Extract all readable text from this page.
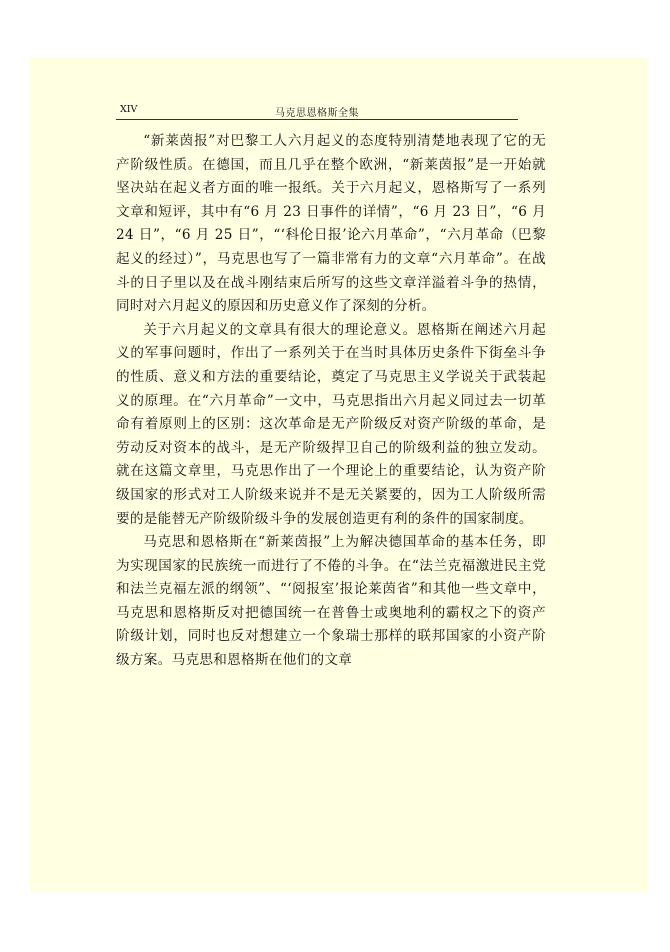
XIV	马克思恩格斯全集

“新莱茵报”对巴黎工人六月起义的态度特别清楚地表现了它的无产阶级性质。在德国，而且几乎在整个欧洲，“新莱茵报”是一开始就坚决站在起义者方面的唯一报纸。关于六月起义，恩格斯写了一系列文章和短评，其中有“6 月 23 日事件的详情”，“6 月 23 日”，“6 月 24 日”，“6 月 25 日”，“‘科伦日报’论六月革命”，“六月革命（巴黎起义的经过）”，马克思也写了一篇非常有力的文章“六月革命”。在战斗的日子里以及在战斗刚结束后所写的这些文章洋溢着斗争的热情，同时对六月起义的原因和历史意义作了深刻的分析。

关于六月起义的文章具有很大的理论意义。恩格斯在阐述六月起义的军事问题时，作出了一系列关于在当时具体历史条件下街垒斗争的性质、意义和方法的重要结论，奠定了马克思主义学说关于武装起义的原理。在“六月革命”一文中，马克思指出六月起义同过去一切革命有着原则上的区别：这次革命是无产阶级反对资产阶级的革命，是劳动反对资本的战斗，是无产阶级捍卫自己的阶级利益的独立发动。就在这篇文章里，马克思作出了一个理论上的重要结论，认为资产阶级国家的形式对工人阶级来说并不是无关紧要的，因为工人阶级所需要的是能替无产阶级阶级斗争的发展创造更有利的条件的国家制度。

马克思和恩格斯在“新莱茵报”上为解决德国革命的基本任务，即为实现国家的民族统一而进行了不倦的斗争。在“法兰克福激进民主党和法兰克福左派的纲领”、“‘阅报室’报论莱茵省”和其他一些文章中，马克思和恩格斯反对把德国统一在普鲁士或奥地利的霸权之下的资产阶级计划，同时也反对想建立一个象瑞士那样的联邦国家的小资产阶级方案。马克思和恩格斯在他们的文章
